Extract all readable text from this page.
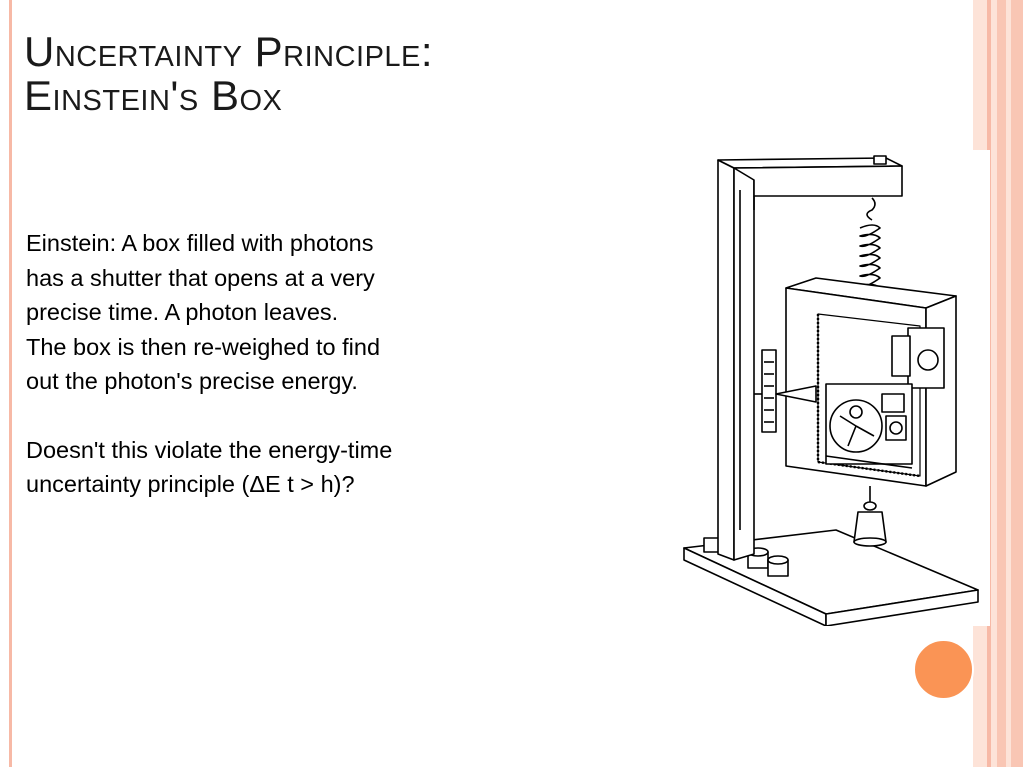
Uncertainty Principle:
Einstein's Box

Einstein: A box filled with photons

has a shutter that opens at a very

precise time. A photon leaves.

The box is then re-weighed to find

out the photon's precise energy.

Doesn't this violate the energy-time

uncertainty principle (ΔE t > h)?
